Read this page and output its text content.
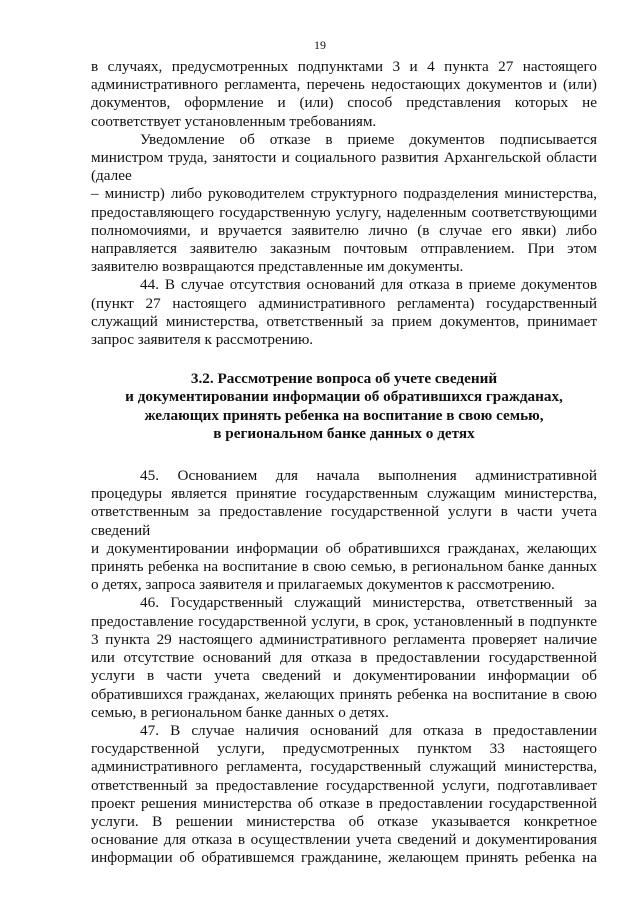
19

в случаях, предусмотренных подпунктами 3 и 4 пункта 27 настоящего административного регламента, перечень недостающих документов и (или) документов, оформление и (или) способ представления которых не соответствует установленным требованиям.

Уведомление об отказе в приеме документов подписывается министром труда, занятости и социального развития Архангельской области (далее

– министр) либо руководителем структурного подразделения министерства, предоставляющего государственную услугу, наделенным соответствующими полномочиями, и вручается заявителю лично (в случае его явки) либо направляется заявителю заказным почтовым отправлением. При этом заявителю возвращаются представленные им документы.

44. В случае отсутствия оснований для отказа в приеме документов (пункт 27 настоящего административного регламента) государственный служащий министерства, ответственный за прием документов, принимает запрос заявителя к рассмотрению.

3.2. Рассмотрение вопроса об учете сведений
и документировании информации об обратившихся гражданах,
желающих принять ребенка на воспитание в свою семью,
в региональном банке данных о детях

45. Основанием для начала выполнения административной процедуры является принятие государственным служащим министерства, ответственным за предоставление государственной услуги в части учета сведений

и документировании информации об обратившихся гражданах, желающих принять ребенка на воспитание в свою семью, в региональном банке данных о детях, запроса заявителя и прилагаемых документов к рассмотрению.

46. Государственный служащий министерства, ответственный за предоставление государственной услуги, в срок, установленный в подпункте 3 пункта 29 настоящего административного регламента проверяет наличие или отсутствие оснований для отказа в предоставлении государственной услуги в части учета сведений и документировании информации об обратившихся гражданах, желающих принять ребенка на воспитание в свою семью, в региональном банке данных о детях.

47. В случае наличия оснований для отказа в предоставлении государственной услуги, предусмотренных пунктом 33 настоящего административного регламента, государственный служащий министерства, ответственный за предоставление государственной услуги, подготавливает проект решения министерства об отказе в предоставлении государственной услуги. В решении министерства об отказе указывается конкретное основание для отказа в осуществлении учета сведений и документирования информации об обратившемся гражданине, желающем принять ребенка на
